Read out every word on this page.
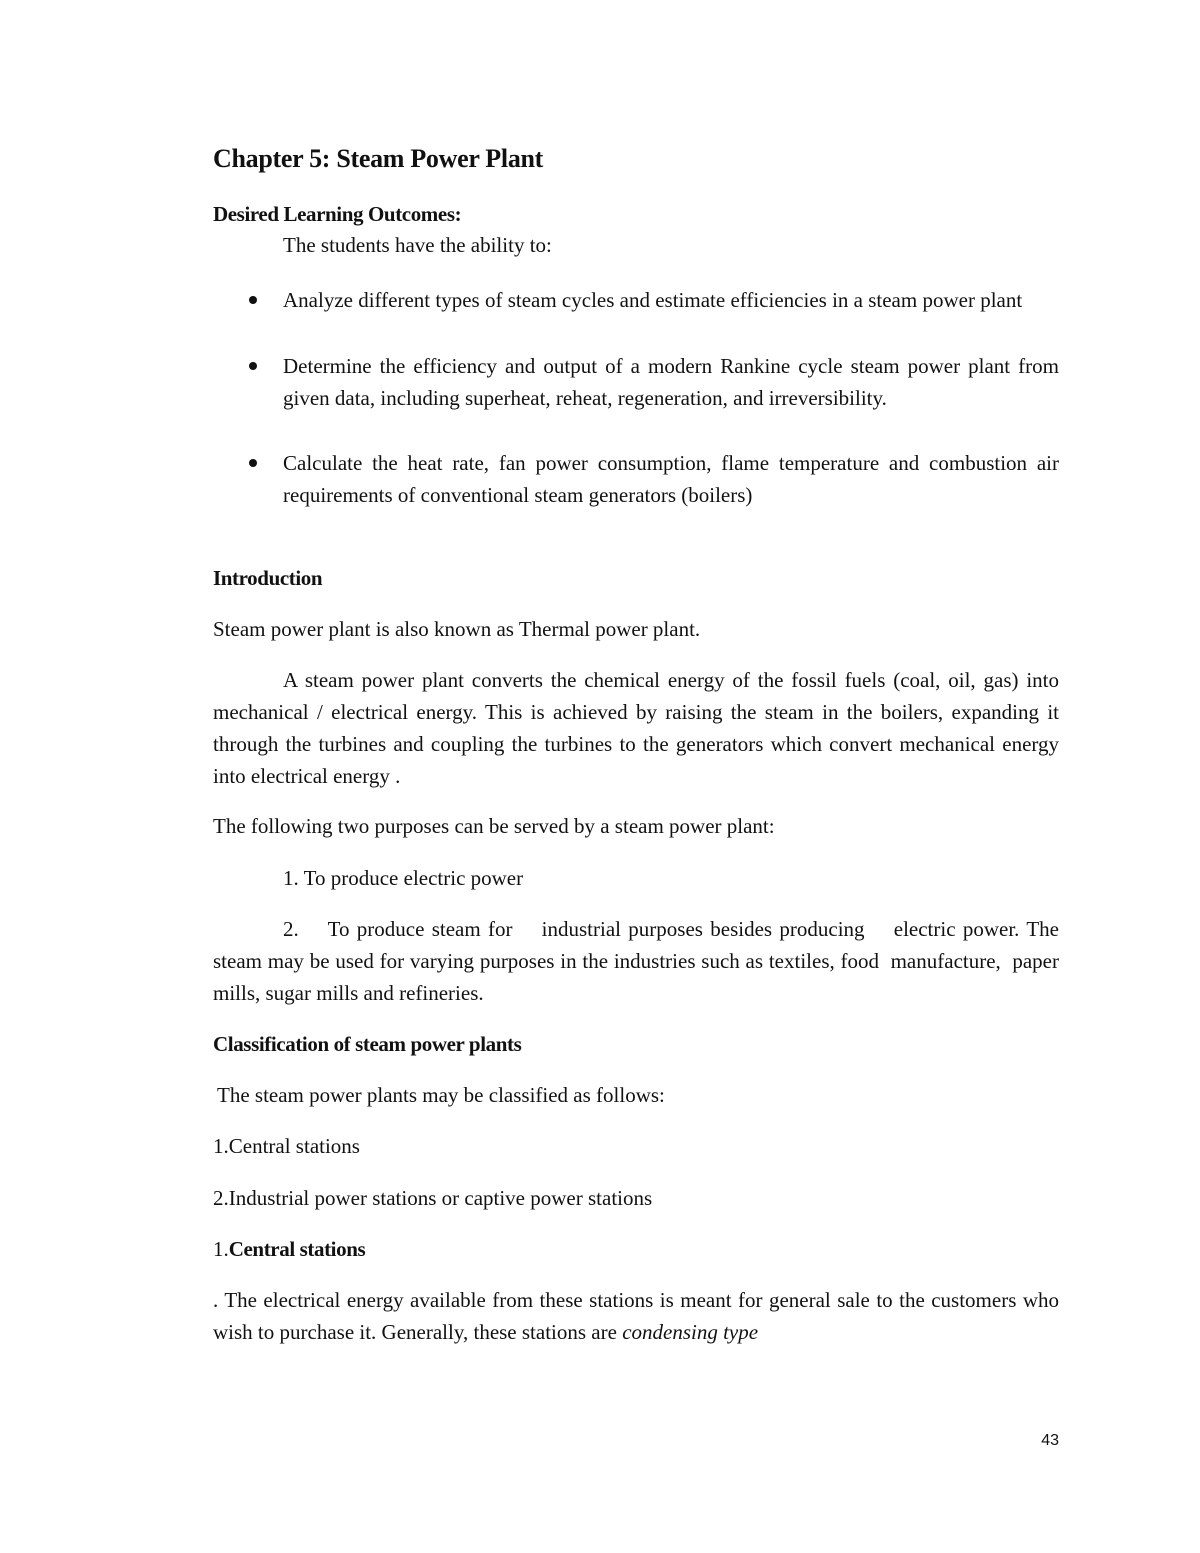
Chapter 5: Steam Power Plant

Desired Learning Outcomes:

The students have the ability to:

Analyze different types of steam cycles and estimate efficiencies in a steam power plant

Determine the efficiency and output of a modern Rankine cycle steam power plant from given data, including superheat, reheat, regeneration, and irreversibility.

Calculate the heat rate, fan power consumption, flame temperature and combustion air requirements of conventional steam generators (boilers)

Introduction

Steam power plant is also known as Thermal power plant.

A steam power plant converts the chemical energy of the fossil fuels (coal, oil, gas) into mechanical / electrical energy. This is achieved by raising the steam in the boilers, expanding it through the turbines and coupling the turbines to the generators which convert mechanical energy into electrical energy .

The following two purposes can be served by a steam power plant:

1. To produce electric power

2.    To produce steam for    industrial purposes besides producing    electric power. The    steam may be used for varying purposes in the industries such as textiles, food  manufacture,  paper mills, sugar mills and refineries.

Classification of steam power plants

The steam power plants may be classified as follows:

1.Central stations

2.Industrial power stations or captive power stations

1.Central stations

. The electrical energy available from these stations is meant for general sale to the customers who wish to purchase it. Generally, these stations are condensing type

43
